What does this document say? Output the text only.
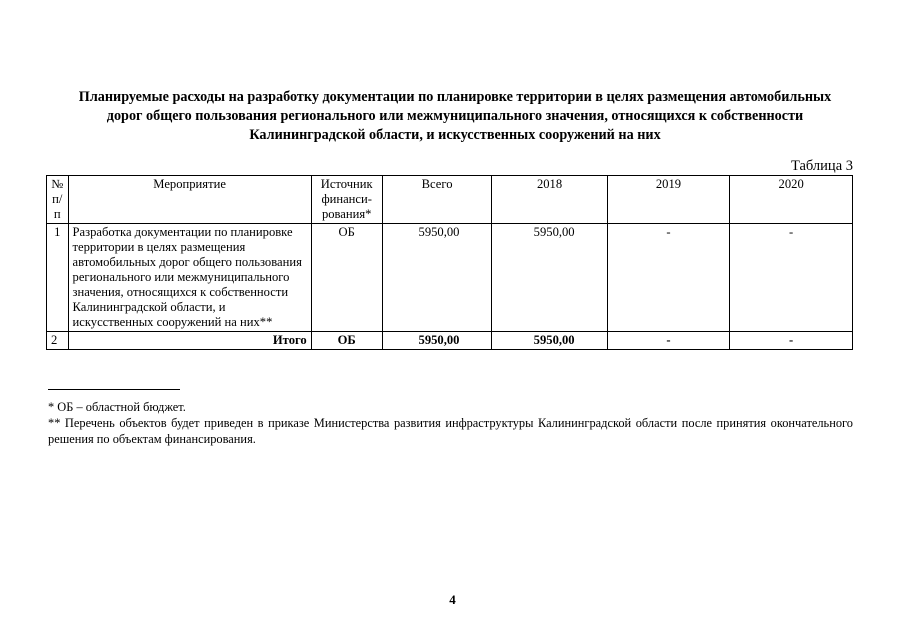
Планируемые расходы на разработку документации по планировке территории в целях размещения автомобильных дорог общего пользования регионального или межмуниципального значения, относящихся к собственности Калининградской области, и искусственных сооружений на них
Таблица 3
№ п/п	Мероприятие	Источник финанси- рования*	Всего	2018	2019	2020
1	Разработка документации по планировке территории в целях размещения автомобильных дорог общего пользования регионального или межмуниципального значения, относящихся к собственности Калининградской области, и искусственных сооружений на них**	ОБ	5950,00	5950,00	-	-
2	Итого	ОБ	5950,00	5950,00	-	-

* ОБ – областной бюджет.

** Перечень объектов будет приведен в приказе Министерства развития инфраструктуры Калининградской области после принятия окончательного решения по объектам финансирования.

4
